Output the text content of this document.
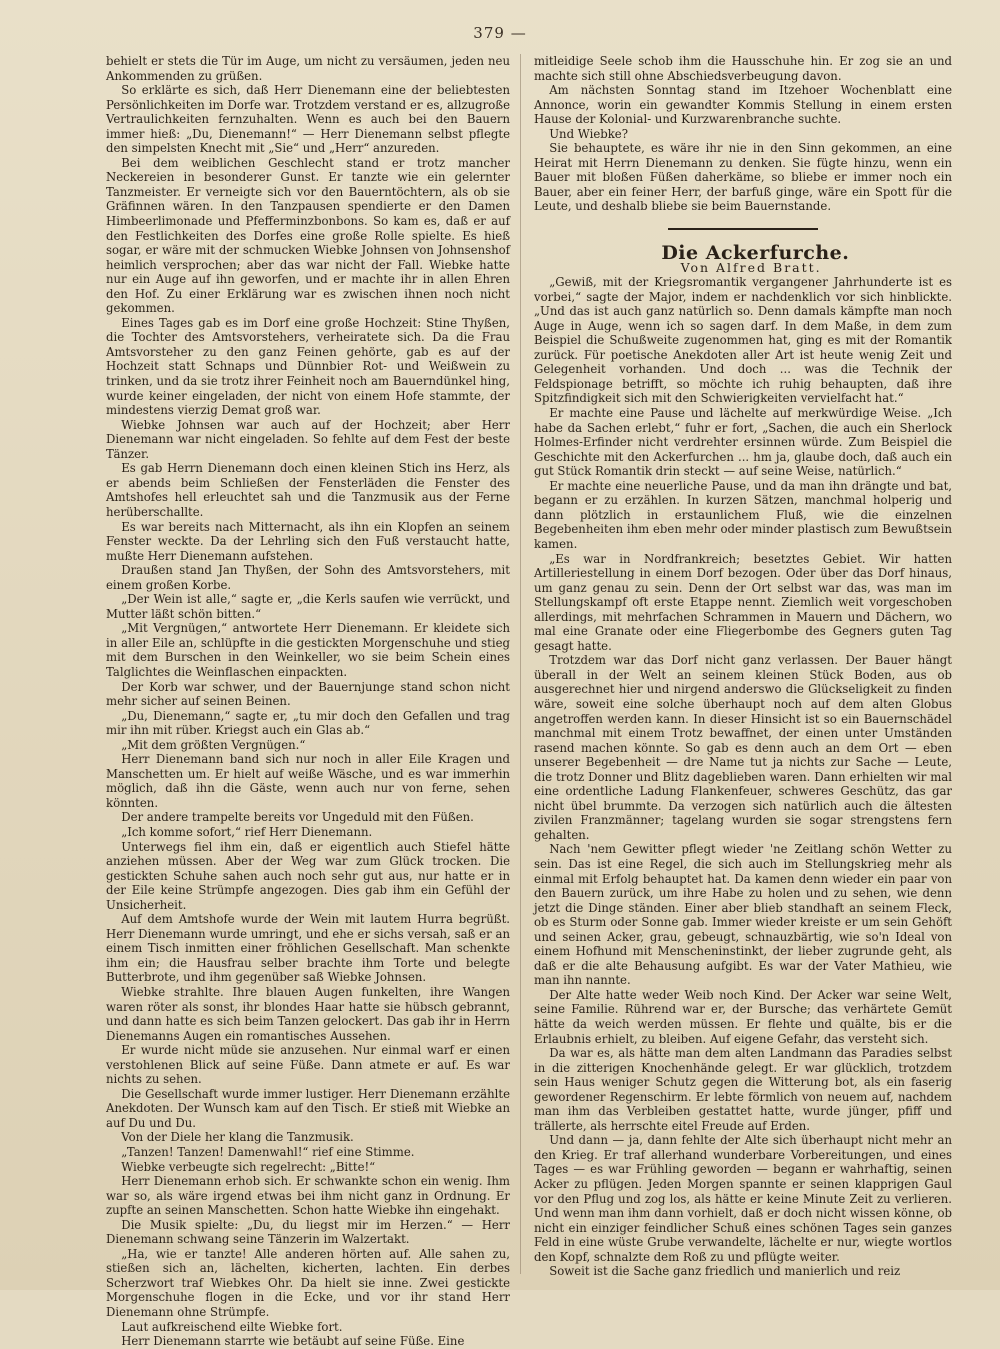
379 —

behielt er stets die Tür im Auge, um nicht zu versäumen, jeden neu Ankommenden zu grüßen.

So erklärte es sich, daß Herr Dienemann eine der beliebtesten Persönlichkeiten im Dorfe war. Trotzdem verstand er es, allzugroße Vertraulichkeiten fernzuhalten. Wenn es auch bei den Bauern immer hieß: „Du, Dienemann!“ — Herr Dienemann selbst pflegte den simpelsten Knecht mit „Sie“ und „Herr“ anzureden.

Bei dem weiblichen Geschlecht stand er trotz mancher Neckereien in besonderer Gunst. Er tanzte wie ein gelernter Tanzmeister. Er verneigte sich vor den Bauerntöchtern, als ob sie Gräfinnen wären. In den Tanzpausen spendierte er den Damen Himbeerlimonade und Pfefferminzbonbons. So kam es, daß er auf den Festlichkeiten des Dorfes eine große Rolle spielte. Es hieß sogar, er wäre mit der schmucken Wiebke Johnsen von Johnsenshof heimlich versprochen; aber das war nicht der Fall. Wiebke hatte nur ein Auge auf ihn geworfen, und er machte ihr in allen Ehren den Hof. Zu einer Erklärung war es zwischen ihnen noch nicht gekommen.

Eines Tages gab es im Dorf eine große Hochzeit: Stine Thyßen, die Tochter des Amtsvorstehers, verheiratete sich. Da die Frau Amtsvorsteher zu den ganz Feinen gehörte, gab es auf der Hochzeit statt Schnaps und Dünnbier Rot- und Weißwein zu trinken, und da sie trotz ihrer Feinheit noch am Bauerndünkel hing, wurde keiner eingeladen, der nicht von einem Hofe stammte, der mindestens vierzig Demat groß war.

Wiebke Johnsen war auch auf der Hochzeit; aber Herr Dienemann war nicht eingeladen. So fehlte auf dem Fest der beste Tänzer.

Es gab Herrn Dienemann doch einen kleinen Stich ins Herz, als er abends beim Schließen der Fensterläden die Fenster des Amtshofes hell erleuchtet sah und die Tanzmusik aus der Ferne herüberschallte.

Es war bereits nach Mitternacht, als ihn ein Klopfen an seinem Fenster weckte. Da der Lehrling sich den Fuß verstaucht hatte, mußte Herr Dienemann aufstehen.

Draußen stand Jan Thyßen, der Sohn des Amtsvorstehers, mit einem großen Korbe.

„Der Wein ist alle,“ sagte er, „die Kerls saufen wie verrückt, und Mutter läßt schön bitten.“

„Mit Vergnügen,“ antwortete Herr Dienemann. Er kleidete sich in aller Eile an, schlüpfte in die gestickten Morgenschuhe und stieg mit dem Burschen in den Weinkeller, wo sie beim Schein eines Talglichtes die Weinflaschen einpackten.

Der Korb war schwer, und der Bauernjunge stand schon nicht mehr sicher auf seinen Beinen.

„Du, Dienemann,“ sagte er, „tu mir doch den Gefallen und trag mir ihn mit rüber. Kriegst auch ein Glas ab.“

„Mit dem größten Vergnügen.“

Herr Dienemann band sich nur noch in aller Eile Kragen und Manschetten um. Er hielt auf weiße Wäsche, und es war immerhin möglich, daß ihn die Gäste, wenn auch nur von ferne, sehen könnten.

Der andere trampelte bereits vor Ungeduld mit den Füßen.

„Ich komme sofort,“ rief Herr Dienemann.

Unterwegs fiel ihm ein, daß er eigentlich auch Stiefel hätte anziehen müssen. Aber der Weg war zum Glück trocken. Die gestickten Schuhe sahen auch noch sehr gut aus, nur hatte er in der Eile keine Strümpfe angezogen. Dies gab ihm ein Gefühl der Unsicherheit.

Auf dem Amtshofe wurde der Wein mit lautem Hurra begrüßt. Herr Dienemann wurde umringt, und ehe er sichs versah, saß er an einem Tisch inmitten einer fröhlichen Gesellschaft. Man schenkte ihm ein; die Hausfrau selber brachte ihm Torte und belegte Butterbrote, und ihm gegenüber saß Wiebke Johnsen.

Wiebke strahlte. Ihre blauen Augen funkelten, ihre Wangen waren röter als sonst, ihr blondes Haar hatte sie hübsch gebrannt, und dann hatte es sich beim Tanzen gelockert. Das gab ihr in Herrn Dienemanns Augen ein romantisches Aussehen.

Er wurde nicht müde sie anzusehen. Nur einmal warf er einen verstohlenen Blick auf seine Füße. Dann atmete er auf. Es war nichts zu sehen.

Die Gesellschaft wurde immer lustiger. Herr Dienemann erzählte Anekdoten. Der Wunsch kam auf den Tisch. Er stieß mit Wiebke an auf Du und Du.

Von der Diele her klang die Tanzmusik.

„Tanzen! Tanzen! Damenwahl!“ rief eine Stimme.

Wiebke verbeugte sich regelrecht: „Bitte!“

Herr Dienemann erhob sich. Er schwankte schon ein wenig. Ihm war so, als wäre irgend etwas bei ihm nicht ganz in Ordnung. Er zupfte an seinen Manschetten. Schon hatte Wiebke ihn eingehakt.

Die Musik spielte: „Du, du liegst mir im Herzen.“ — Herr Dienemann schwang seine Tänzerin im Walzertakt.

„Ha, wie er tanzte! Alle anderen hörten auf. Alle sahen zu, stießen sich an, lächelten, kicherten, lachten. Ein derbes Scherzwort traf Wiebkes Ohr. Da hielt sie inne. Zwei gestickte Morgenschuhe flogen in die Ecke, und vor ihr stand Herr Dienemann ohne Strümpfe.

Laut aufkreischend eilte Wiebke fort.

Herr Dienemann starrte wie betäubt auf seine Füße. Eine

mitleidige Seele schob ihm die Hausschuhe hin. Er zog sie an und machte sich still ohne Abschiedsverbeugung davon.

Am nächsten Sonntag stand im Itzehoer Wochenblatt eine Annonce, worin ein gewandter Kommis Stellung in einem ersten Hause der Kolonial- und Kurzwarenbranche suchte.

Und Wiebke?

Sie behauptete, es wäre ihr nie in den Sinn gekommen, an eine Heirat mit Herrn Dienemann zu denken. Sie fügte hinzu, wenn ein Bauer mit bloßen Füßen daherkäme, so bliebe er immer noch ein Bauer, aber ein feiner Herr, der barfuß ginge, wäre ein Spott für die Leute, und deshalb bliebe sie beim Bauernstande.

Die Ackerfurche.

Von Alfred Bratt.

„Gewiß, mit der Kriegsromantik vergangener Jahrhunderte ist es vorbei,“ sagte der Major, indem er nachdenklich vor sich hinblickte. „Und das ist auch ganz natürlich so. Denn damals kämpfte man noch Auge in Auge, wenn ich so sagen darf. In dem Maße, in dem zum Beispiel die Schußweite zugenommen hat, ging es mit der Romantik zurück. Für poetische Anekdoten aller Art ist heute wenig Zeit und Gelegenheit vorhanden. Und doch ... was die Technik der Feldspionage betrifft, so möchte ich ruhig behaupten, daß ihre Spitzfindigkeit sich mit den Schwierigkeiten vervielfacht hat.“

Er machte eine Pause und lächelte auf merkwürdige Weise. „Ich habe da Sachen erlebt,“ fuhr er fort, „Sachen, die auch ein Sherlock Holmes-Erfinder nicht verdrehter ersinnen würde. Zum Beispiel die Geschichte mit den Ackerfurchen ... hm ja, glaube doch, daß auch ein gut Stück Romantik drin steckt — auf seine Weise, natürlich.“

Er machte eine neuerliche Pause, und da man ihn drängte und bat, begann er zu erzählen. In kurzen Sätzen, manchmal holperig und dann plötzlich in erstaunlichem Fluß, wie die einzelnen Begebenheiten ihm eben mehr oder minder plastisch zum Bewußtsein kamen.

„Es war in Nordfrankreich; besetztes Gebiet. Wir hatten Artilleriestellung in einem Dorf bezogen. Oder über das Dorf hinaus, um ganz genau zu sein. Denn der Ort selbst war das, was man im Stellungskampf oft erste Etappe nennt. Ziemlich weit vorgeschoben allerdings, mit mehrfachen Schrammen in Mauern und Dächern, wo mal eine Granate oder eine Fliegerbombe des Gegners guten Tag gesagt hatte.

Trotzdem war das Dorf nicht ganz verlassen. Der Bauer hängt überall in der Welt an seinem kleinen Stück Boden, aus ob ausgerechnet hier und nirgend anderswo die Glückseligkeit zu finden wäre, soweit eine solche überhaupt noch auf dem alten Globus angetroffen werden kann. In dieser Hinsicht ist so ein Bauernschädel manchmal mit einem Trotz bewaffnet, der einen unter Umständen rasend machen könnte. So gab es denn auch an dem Ort — eben unserer Begebenheit — dre Name tut ja nichts zur Sache — Leute, die trotz Donner und Blitz dageblieben waren. Dann erhielten wir mal eine ordentliche Ladung Flankenfeuer, schweres Geschütz, das gar nicht übel brummte. Da verzogen sich natürlich auch die ältesten zivilen Franzmänner; tagelang wurden sie sogar strengstens fern gehalten.

Nach 'nem Gewitter pflegt wieder 'ne Zeitlang schön Wetter zu sein. Das ist eine Regel, die sich auch im Stellungskrieg mehr als einmal mit Erfolg behauptet hat. Da kamen denn wieder ein paar von den Bauern zurück, um ihre Habe zu holen und zu sehen, wie denn jetzt die Dinge ständen. Einer aber blieb standhaft an seinem Fleck, ob es Sturm oder Sonne gab. Immer wieder kreiste er um sein Gehöft und seinen Acker, grau, gebeugt, schnauzbärtig, wie so'n Ideal von einem Hofhund mit Menscheninstinkt, der lieber zugrunde geht, als daß er die alte Behausung aufgibt. Es war der Vater Mathieu, wie man ihn nannte.

Der Alte hatte weder Weib noch Kind. Der Acker war seine Welt, seine Familie. Rührend war er, der Bursche; das verhärtete Gemüt hätte da weich werden müssen. Er flehte und quälte, bis er die Erlaubnis erhielt, zu bleiben. Auf eigene Gefahr, das versteht sich.

Da war es, als hätte man dem alten Landmann das Paradies selbst in die zitterigen Knochenhände gelegt. Er war glücklich, trotzdem sein Haus weniger Schutz gegen die Witterung bot, als ein faserig gewordener Regenschirm. Er lebte förmlich von neuem auf, nachdem man ihm das Verbleiben gestattet hatte, wurde jünger, pfiff und trällerte, als herrschte eitel Freude auf Erden.

Und dann — ja, dann fehlte der Alte sich überhaupt nicht mehr an den Krieg. Er traf allerhand wunderbare Vorbereitungen, und eines Tages — es war Frühling geworden — begann er wahrhaftig, seinen Acker zu pflügen. Jeden Morgen spannte er seinen klapprigen Gaul vor den Pflug und zog los, als hätte er keine Minute Zeit zu verlieren. Und wenn man ihm dann vorhielt, daß er doch nicht wissen könne, ob nicht ein einziger feindlicher Schuß eines schönen Tages sein ganzes Feld in eine wüste Grube verwandelte, lächelte er nur, wiegte wortlos den Kopf, schnalzte dem Roß zu und pflügte weiter.

Soweit ist die Sache ganz friedlich und manierlich und reiz
